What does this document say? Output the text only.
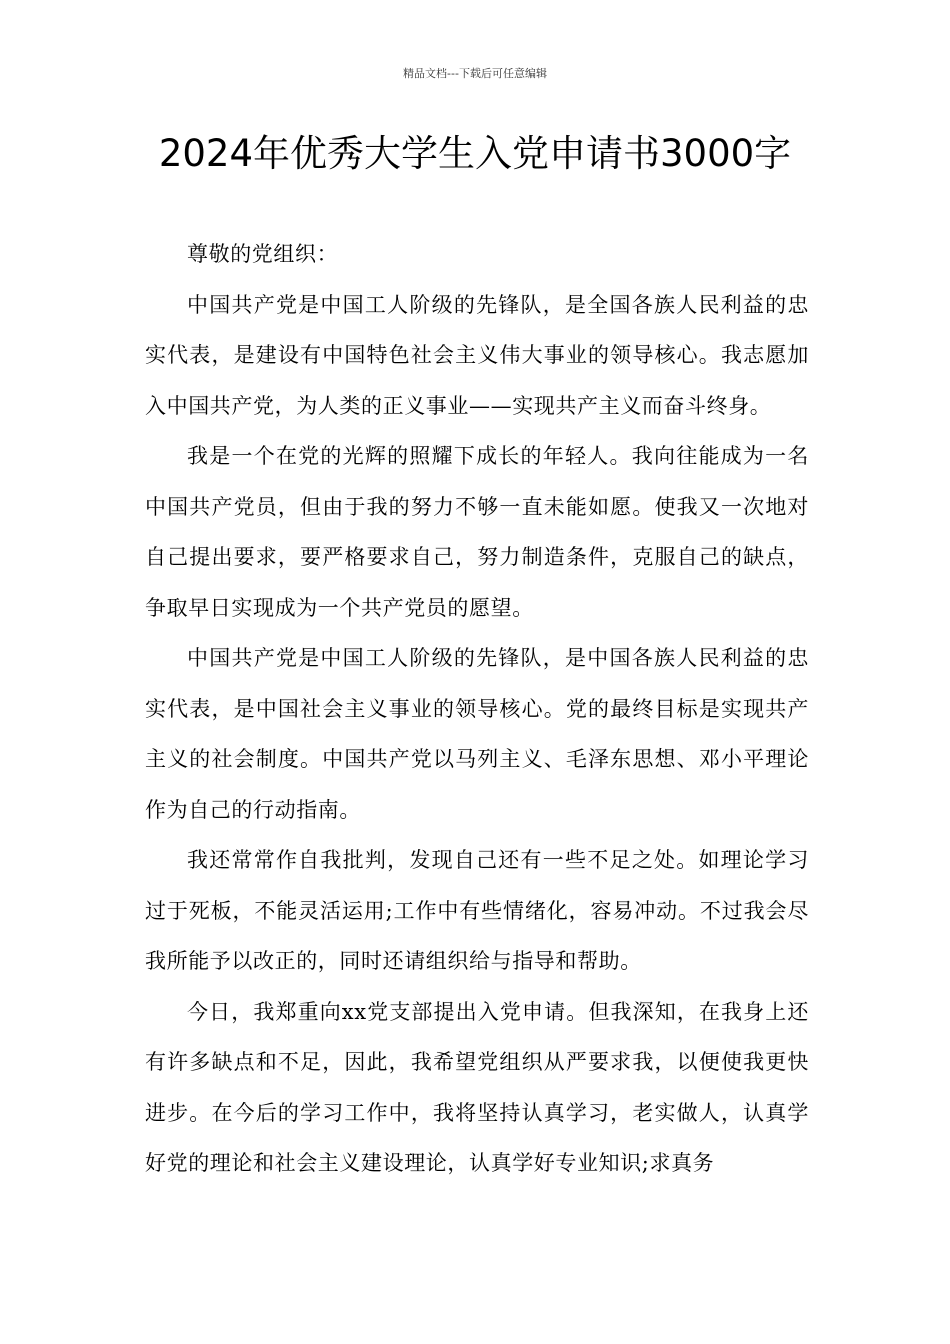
精品文档---下载后可任意编辑
2024年优秀大学生入党申请书3000字

尊敬的党组织：

中国共产党是中国工人阶级的先锋队，是全国各族人民利益的忠实代表，是建设有中国特色社会主义伟大事业的领导核心。我志愿加入中国共产党，为人类的正义事业——实现共产主义而奋斗终身。

我是一个在党的光辉的照耀下成长的年轻人。我向往能成为一名中国共产党员，但由于我的努力不够一直未能如愿。使我又一次地对自己提出要求，要严格要求自己，努力制造条件，克服自己的缺点，争取早日实现成为一个共产党员的愿望。

中国共产党是中国工人阶级的先锋队，是中国各族人民利益的忠实代表，是中国社会主义事业的领导核心。党的最终目标是实现共产主义的社会制度。中国共产党以马列主义、毛泽东思想、邓小平理论作为自己的行动指南。

我还常常作自我批判，发现自己还有一些不足之处。如理论学习过于死板，不能灵活运用;工作中有些情绪化，容易冲动。不过我会尽我所能予以改正的，同时还请组织给与指导和帮助。

今日，我郑重向xx党支部提出入党申请。但我深知，在我身上还有许多缺点和不足，因此，我希望党组织从严要求我，以便使我更快进步。在今后的学习工作中，我将坚持认真学习，老实做人，认真学好党的理论和社会主义建设理论，认真学好专业知识;求真务
